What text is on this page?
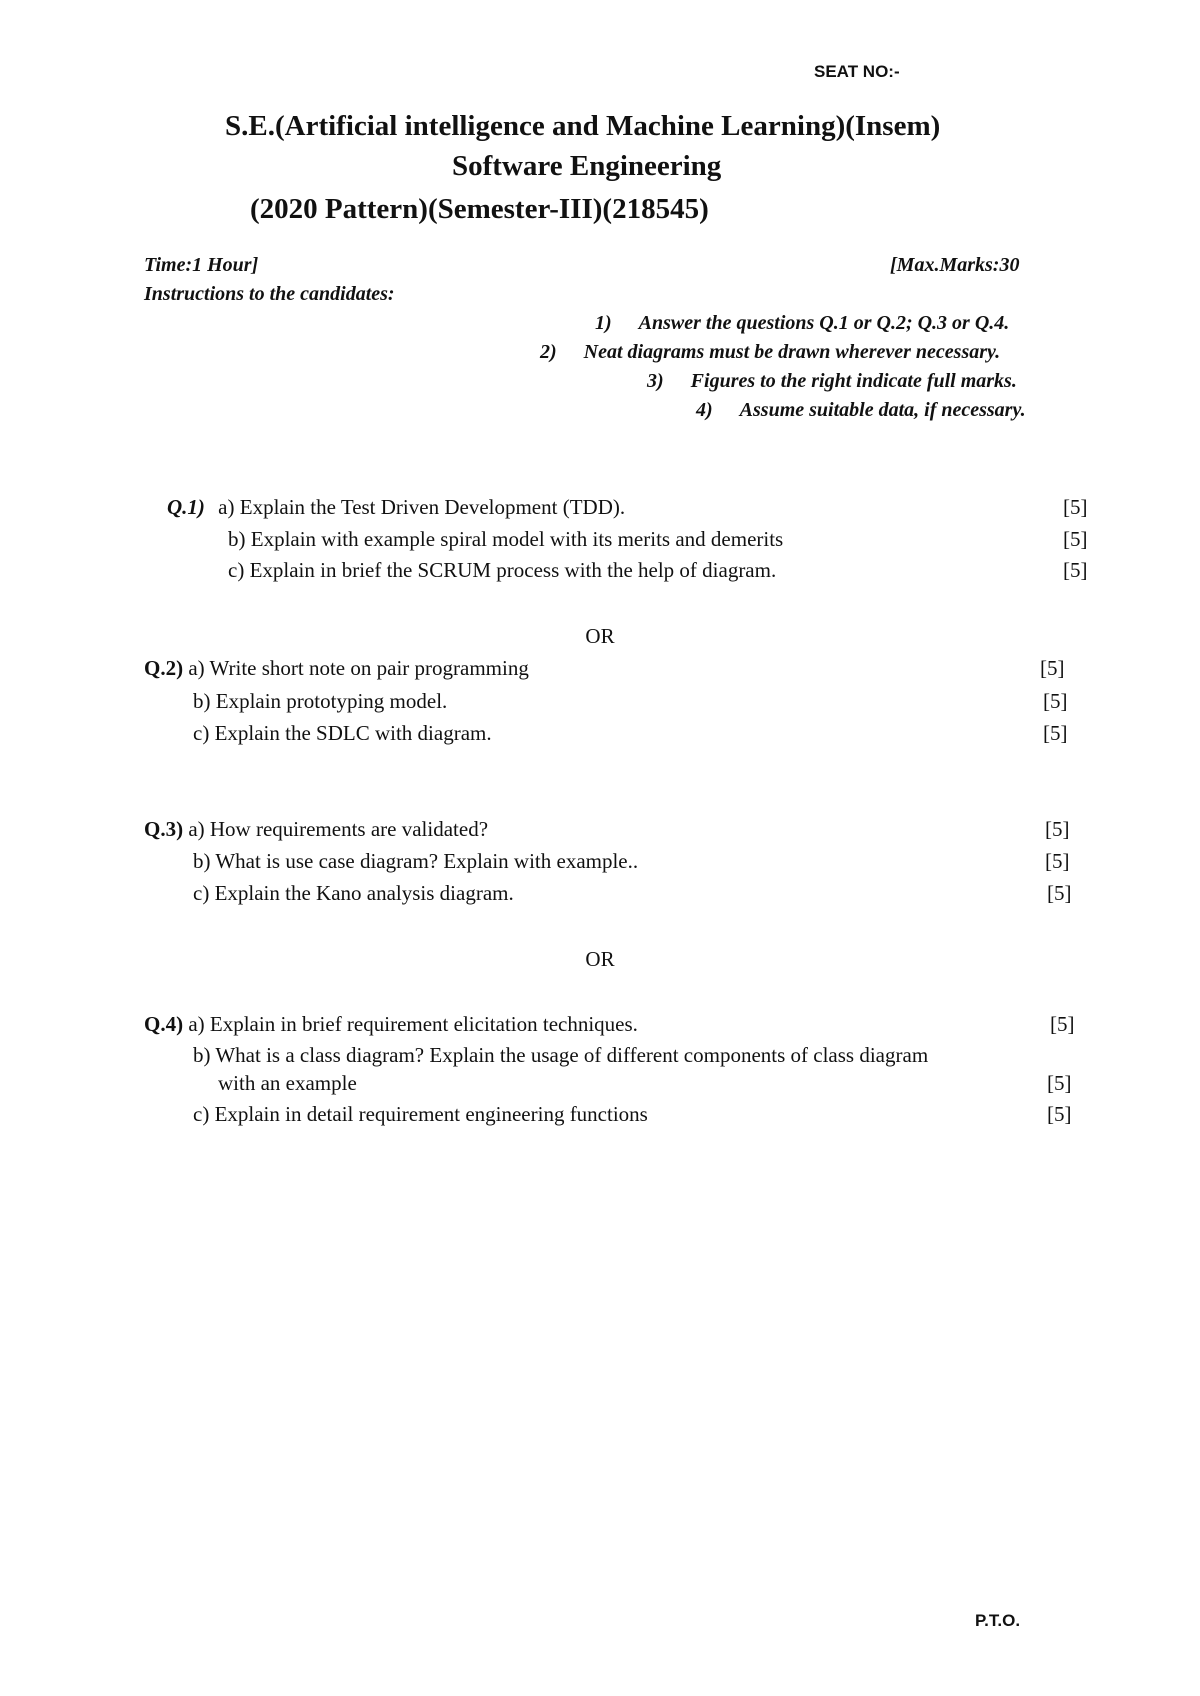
SEAT NO:-
S.E.(Artificial intelligence and Machine Learning)(Insem)
Software Engineering
(2020 Pattern)(Semester-III)(218545)
Time:1 Hour]	[Max.Marks:30
Instructions to the candidates:
1) Answer the questions Q.1 or Q.2; Q.3 or Q.4.
2) Neat diagrams must be drawn wherever necessary.
3) Figures to the right indicate full marks.
4) Assume suitable data, if necessary.
Q.1) a) Explain the Test Driven Development (TDD).	[5]
b) Explain with example spiral model with its merits and demerits	[5]
c) Explain in brief the SCRUM process with the help of diagram.	[5]
OR
Q.2) a) Write short note on pair programming	[5]
b) Explain prototyping model.	[5]
c) Explain the SDLC with diagram.	[5]
Q.3) a) How requirements are validated?	[5]
b) What is use case diagram? Explain with example..	[5]
c) Explain the Kano analysis diagram.	[5]
OR
Q.4) a) Explain in brief requirement elicitation techniques.	[5]
b) What is a class diagram? Explain the usage of different components of class diagram
with an example	[5]
c) Explain in detail requirement engineering functions	[5]
P.T.O.
